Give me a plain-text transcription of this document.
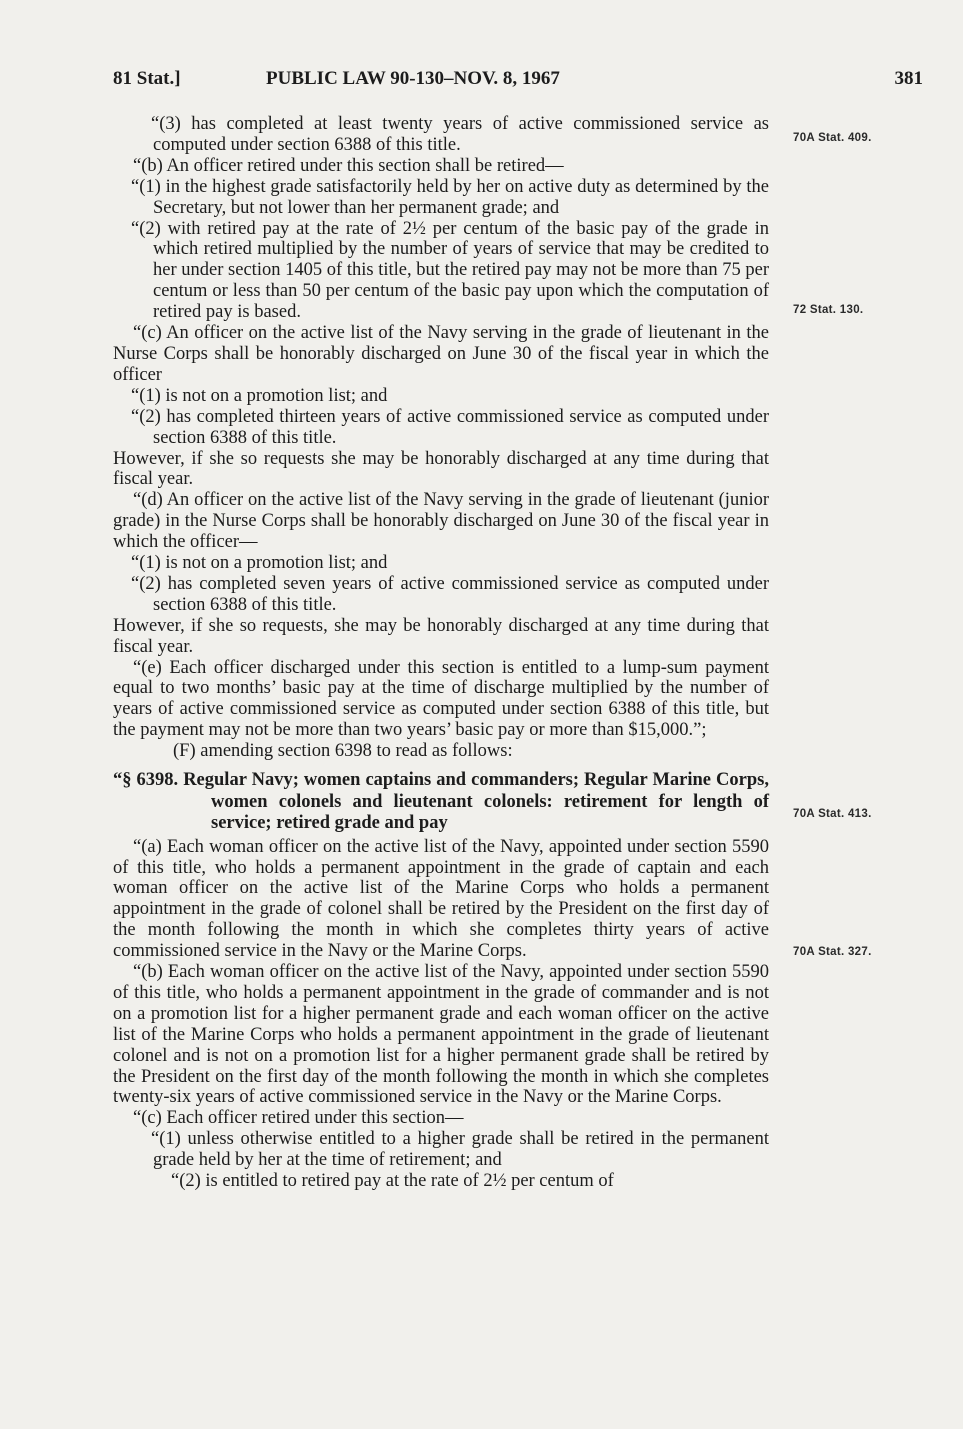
81 Stat.]	PUBLIC LAW 90-130–NOV. 8, 1967	381

“(3) has completed at least twenty years of active commissioned service as computed under section 6388 of this title.

“(b) An officer retired under this section shall be retired—

“(1) in the highest grade satisfactorily held by her on active duty as determined by the Secretary, but not lower than her permanent grade; and

“(2) with retired pay at the rate of 2½ per centum of the basic pay of the grade in which retired multiplied by the number of years of service that may be credited to her under section 1405 of this title, but the retired pay may not be more than 75 per centum or less than 50 per centum of the basic pay upon which the computation of retired pay is based.

“(c) An officer on the active list of the Navy serving in the grade of lieutenant in the Nurse Corps shall be honorably discharged on June 30 of the fiscal year in which the officer

“(1) is not on a promotion list; and

“(2) has completed thirteen years of active commissioned service as computed under section 6388 of this title.

However, if she so requests she may be honorably discharged at any time during that fiscal year.

“(d) An officer on the active list of the Navy serving in the grade of lieutenant (junior grade) in the Nurse Corps shall be honorably discharged on June 30 of the fiscal year in which the officer—

“(1) is not on a promotion list; and

“(2) has completed seven years of active commissioned service as computed under section 6388 of this title.

However, if she so requests, she may be honorably discharged at any time during that fiscal year.

“(e) Each officer discharged under this section is entitled to a lump-sum payment equal to two months’ basic pay at the time of discharge multiplied by the number of years of active commissioned service as computed under section 6388 of this title, but the payment may not be more than two years’ basic pay or more than $15,000.”;

(F) amending section 6398 to read as follows:

“§ 6398. Regular Navy; women captains and commanders; Regular Marine Corps, women colonels and lieutenant colonels: retirement for length of service; retired grade and pay

“(a) Each woman officer on the active list of the Navy, appointed under section 5590 of this title, who holds a permanent appointment in the grade of captain and each woman officer on the active list of the Marine Corps who holds a permanent appointment in the grade of colonel shall be retired by the President on the first day of the month following the month in which she completes thirty years of active commissioned service in the Navy or the Marine Corps.

“(b) Each woman officer on the active list of the Navy, appointed under section 5590 of this title, who holds a permanent appointment in the grade of commander and is not on a promotion list for a higher permanent grade and each woman officer on the active list of the Marine Corps who holds a permanent appointment in the grade of lieutenant colonel and is not on a promotion list for a higher permanent grade shall be retired by the President on the first day of the month following the month in which she completes twenty-six years of active commissioned service in the Navy or the Marine Corps.

“(c) Each officer retired under this section—

“(1) unless otherwise entitled to a higher grade shall be retired in the permanent grade held by her at the time of retirement; and

“(2) is entitled to retired pay at the rate of 2½ per centum of

70A Stat. 409.
72 Stat. 130.
70A Stat. 413.
70A Stat. 327.
